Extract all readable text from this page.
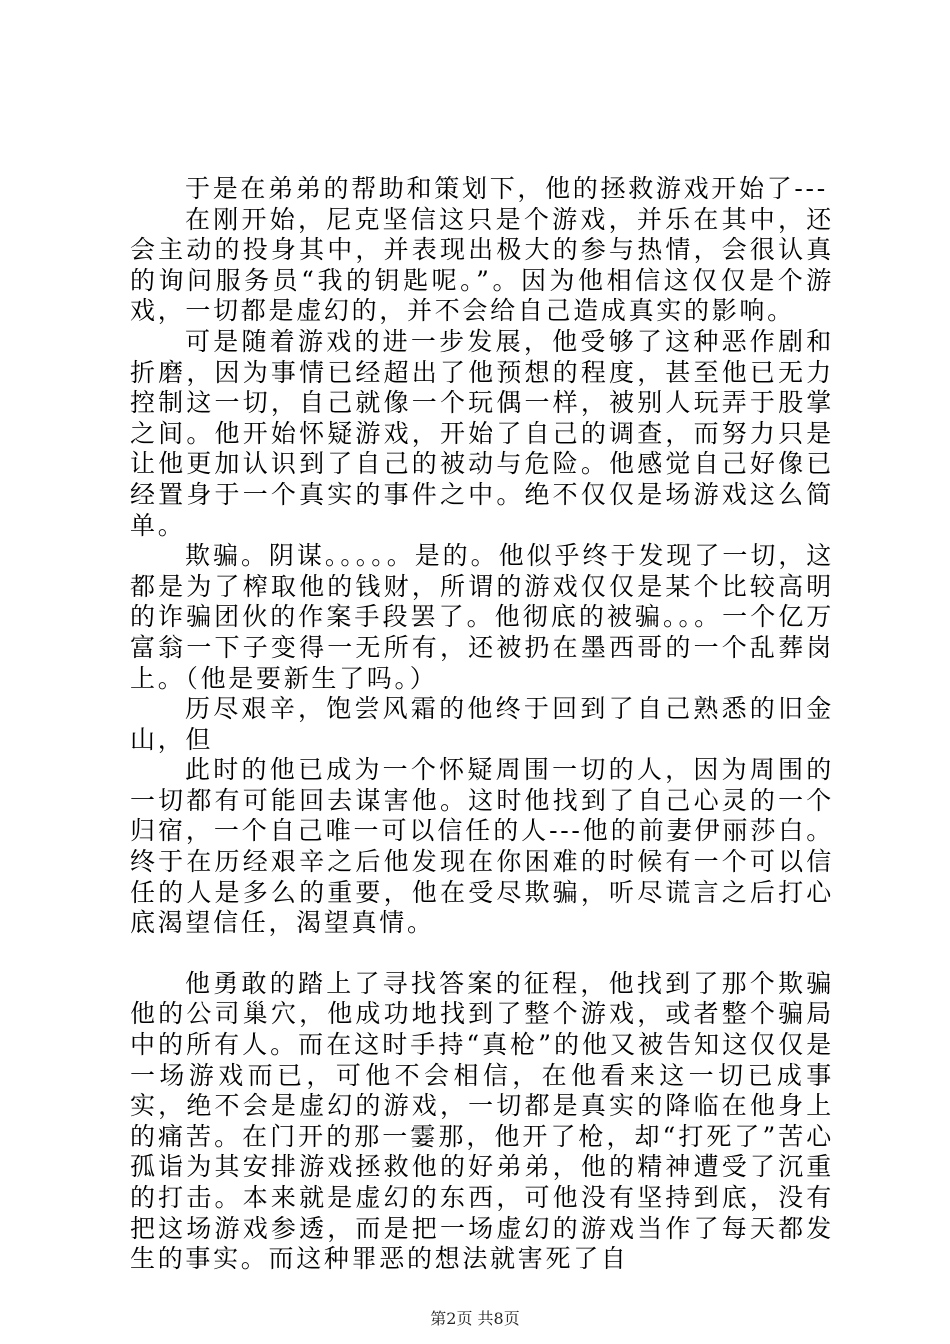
于是在弟弟的帮助和策划下，他的拯救游戏开始了---

在刚开始，尼克坚信这只是个游戏，并乐在其中，还会主动的投身其中，并表现出极大的参与热情，会很认真的询问服务员“我的钥匙呢。”。因为他相信这仅仅是个游戏，一切都是虚幻的，并不会给自己造成真实的影响。

可是随着游戏的进一步发展，他受够了这种恶作剧和折磨，因为事情已经超出了他预想的程度，甚至他已无力控制这一切，自己就像一个玩偶一样，被别人玩弄于股掌之间。他开始怀疑游戏，开始了自己的调查，而努力只是让他更加认识到了自己的被动与危险。他感觉自己好像已经置身于一个真实的事件之中。绝不仅仅是场游戏这么简单。

欺骗。阴谋。。。。。是的。他似乎终于发现了一切，这都是为了榨取他的钱财，所谓的游戏仅仅是某个比较高明的诈骗团伙的作案手段罢了。他彻底的被骗。。。一个亿万富翁一下子变得一无所有，还被扔在墨西哥的一个乱葬岗上。（他是要新生了吗。）

历尽艰辛，饱尝风霜的他终于回到了自己熟悉的旧金山，但

此时的他已成为一个怀疑周围一切的人，因为周围的一切都有可能回去谋害他。这时他找到了自己心灵的一个归宿，一个自己唯一可以信任的人---他的前妻伊丽莎白。终于在历经艰辛之后他发现在你困难的时候有一个可以信任的人是多么的重要，他在受尽欺骗，听尽谎言之后打心底渴望信任，渴望真情。

他勇敢的踏上了寻找答案的征程，他找到了那个欺骗他的公司巢穴，他成功地找到了整个游戏，或者整个骗局中的所有人。而在这时手持“真枪”的他又被告知这仅仅是一场游戏而已，可他不会相信，在他看来这一切已成事实，绝不会是虚幻的游戏，一切都是真实的降临在他身上的痛苦。在门开的那一霎那，他开了枪，却“打死了”苦心孤诣为其安排游戏拯救他的好弟弟，他的精神遭受了沉重的打击。本来就是虚幻的东西，可他没有坚持到底，没有把这场游戏参透，而是把一场虚幻的游戏当作了每天都发生的事实。而这种罪恶的想法就害死了自

第2页 共8页
